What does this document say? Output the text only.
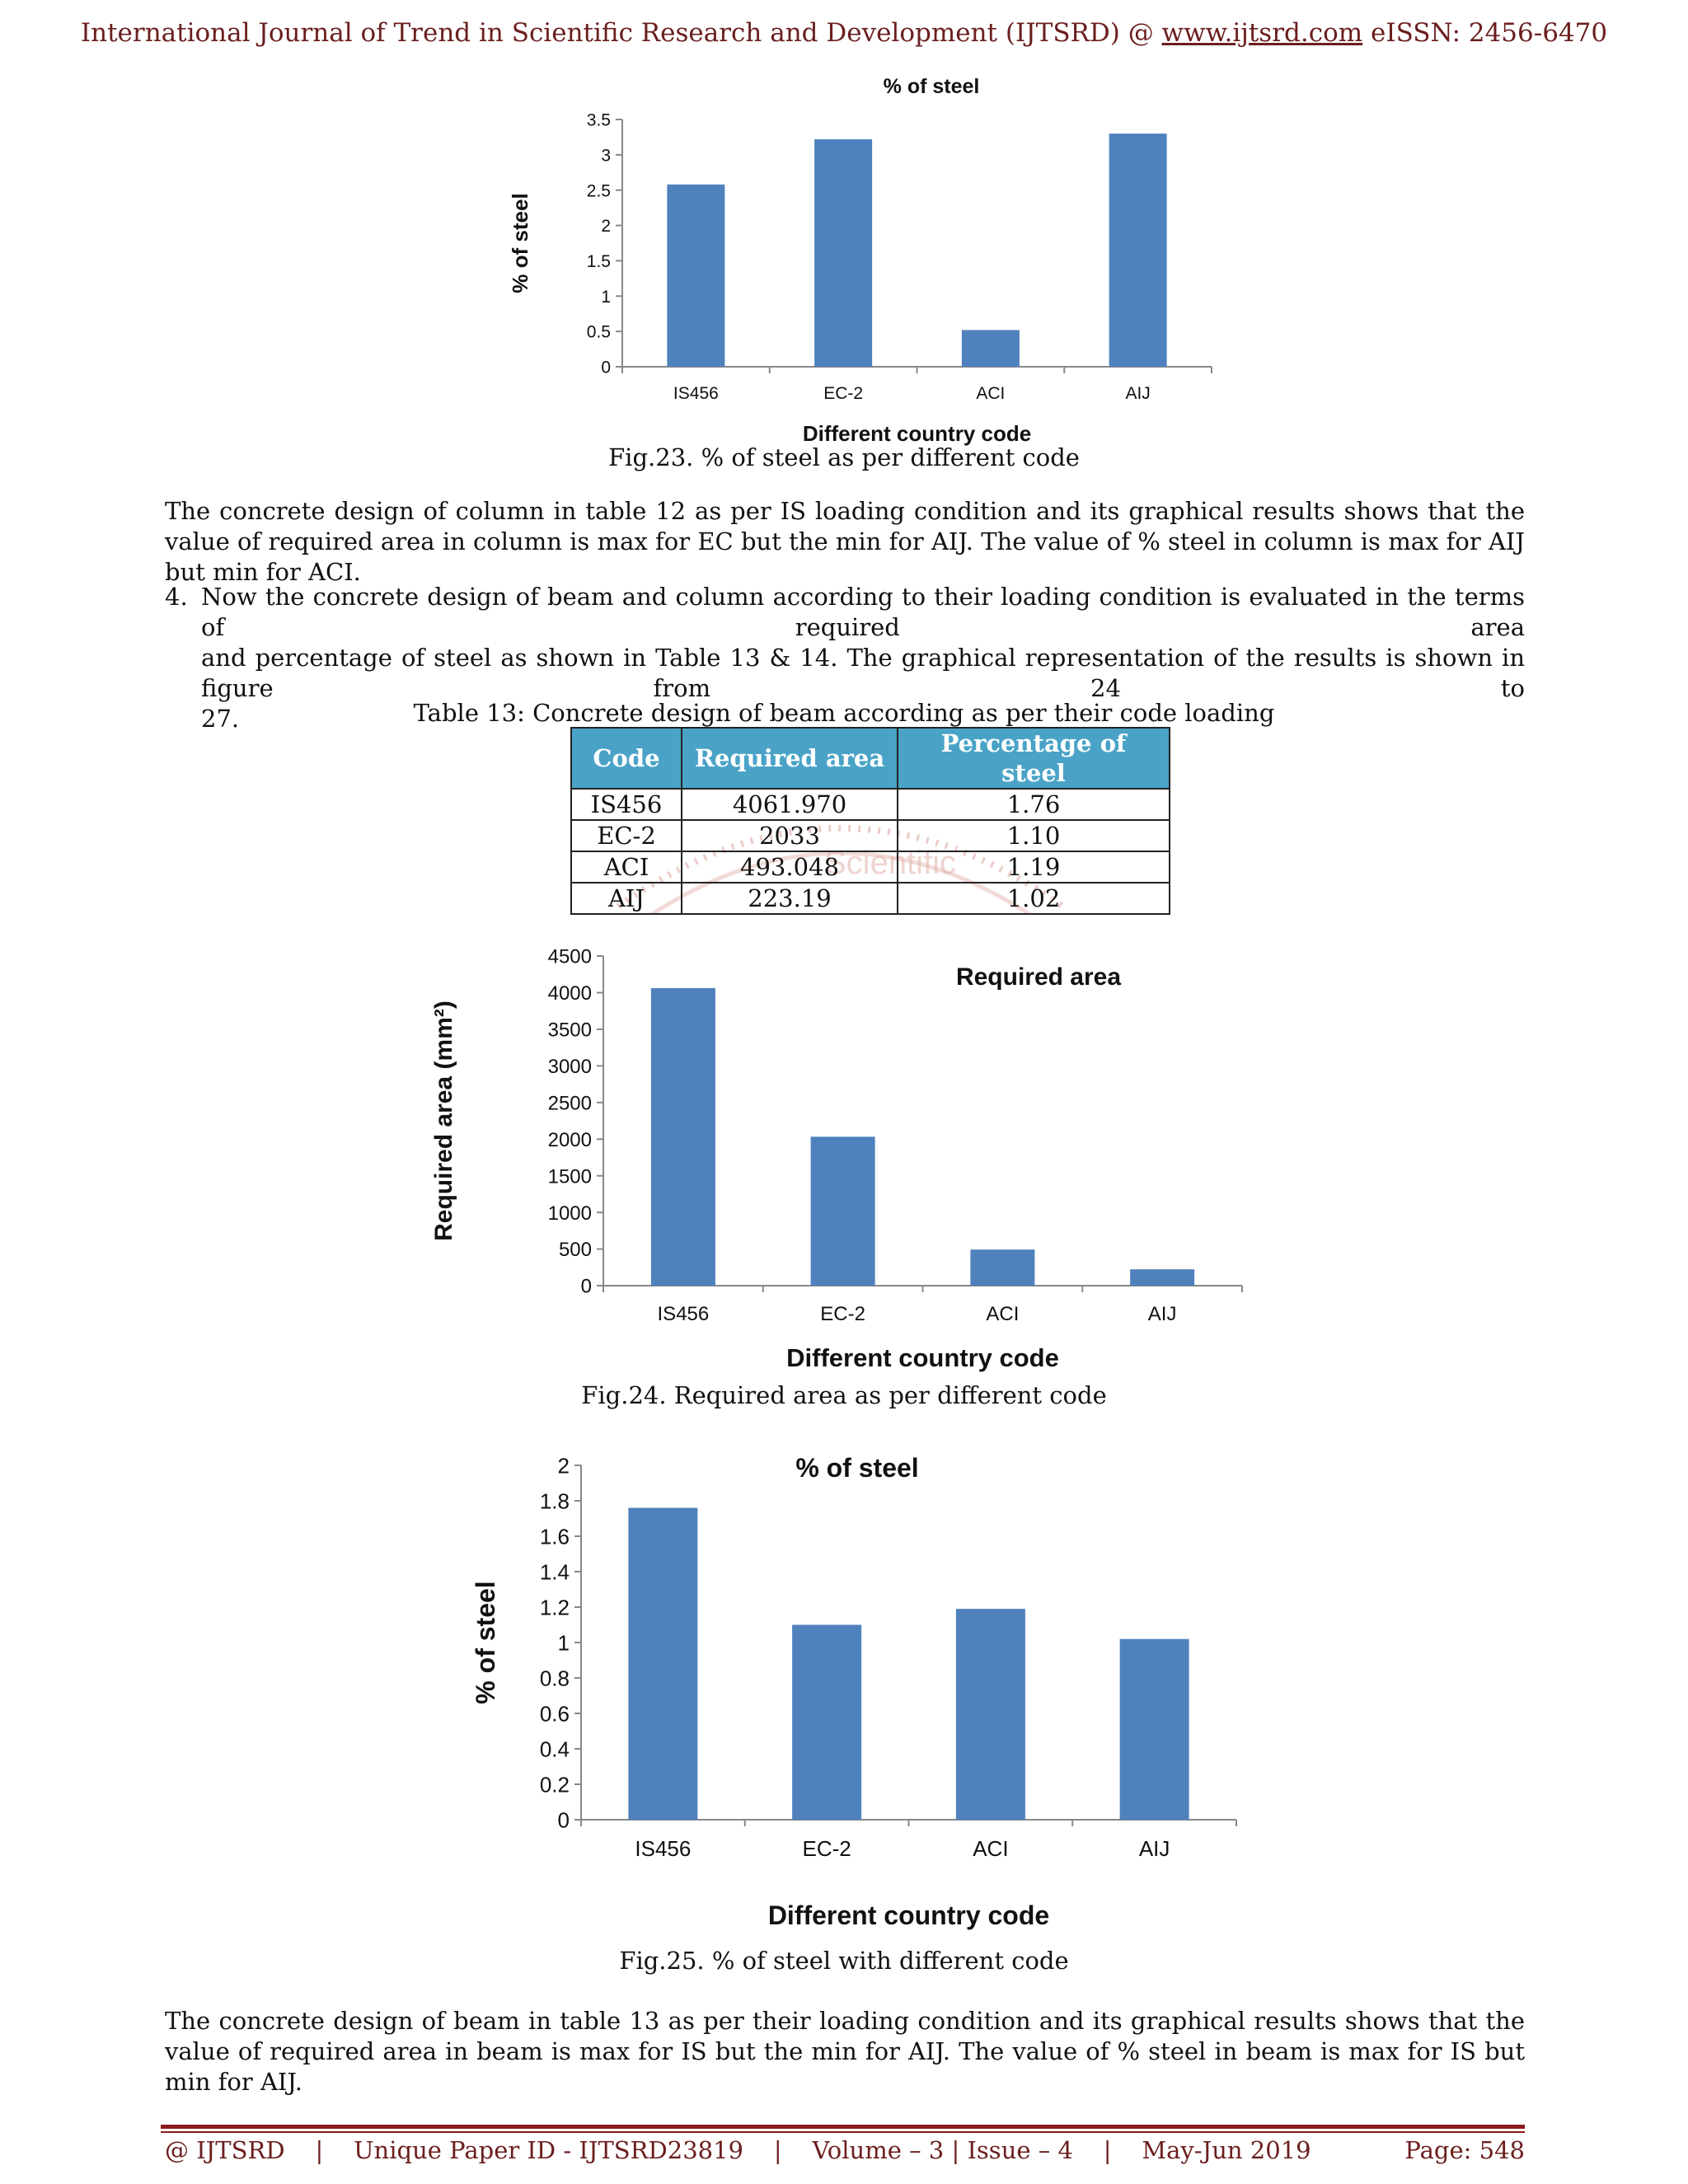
International Journal of Trend in Scientific Research and Development (IJTSRD) @ www.ijtsrd.com eISSN: 2456-6470
0
0.5
1
1.5
2
2.5
3
3.5
IS456	EC-2	ACI	AIJ
% of steel
Different country code
% of steel
Fig.23. % of steel as per different code
The concrete design of column in table 12 as per IS loading condition and its graphical results shows that the value of required area in column is max for EC but the min for AIJ. The value of % steel in column is max for AIJ but min for ACI.
4. Now the concrete design of beam and column according to their loading condition is evaluated in the terms of required area
and percentage of steel as shown in Table 13 & 14. The graphical representation of the results is shown in figure from 24 to
27.	Table 13: Concrete design of beam according as per their code loading
Scientific
Code	Required area	Percentage of steel
IS456	4061.970	1.76
EC-2	2033	1.10
ACI	493.048	1.19
AIJ	223.19	1.02
0
500
1000
1500
2000
2500
3000
3500
4000
4500
IS456	EC-2	ACI	AIJ
Required area
Different country code
Required area (mm²)
Fig.24. Required area as per different code
0
0.2
0.4
0.6
0.8
1
1.2
1.4
1.6
1.8
2
IS456	EC-2	ACI	AIJ
% of steel
Different country code
% of steel
Fig.25. % of steel with different code
The concrete design of beam in table 13 as per their loading condition and its graphical results shows that the value of required area in beam is max for IS but the min for AIJ. The value of % steel in beam is max for IS but min for AIJ.
@ IJTSRD    |    Unique Paper ID - IJTSRD23819    |    Volume – 3 | Issue – 4    |    May-Jun 2019	Page: 548
